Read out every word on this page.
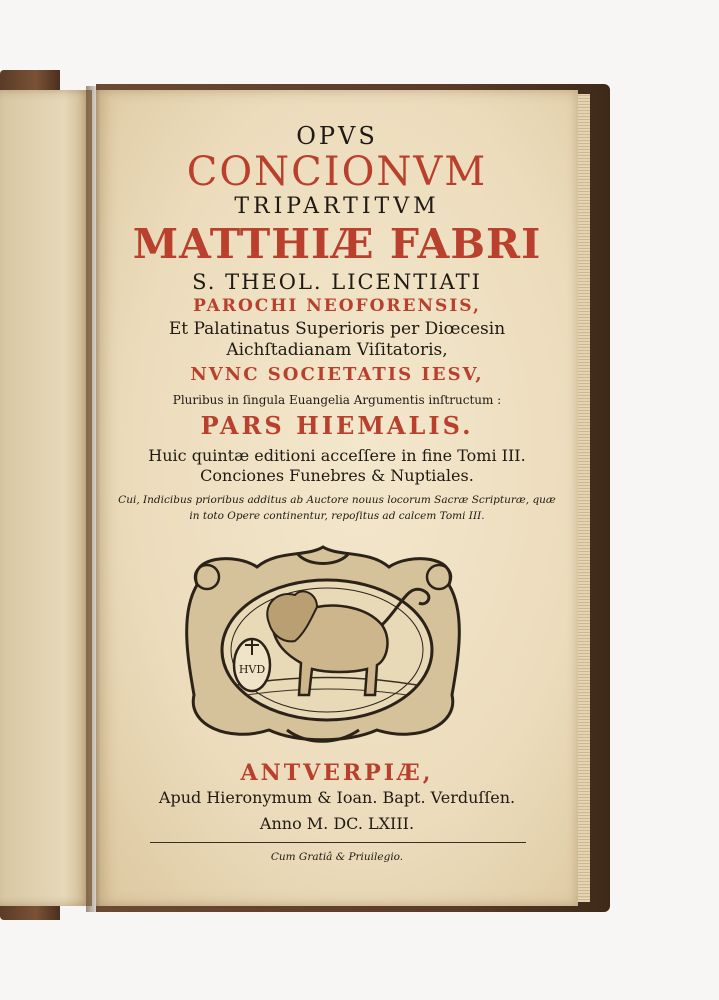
OPVS
CONCIONVM
TRIPARTITVM
MATTHIÆ FABRI
S. THEOL. LICENTIATI
PAROCHI NEOFORENSIS,
Et Palatinatus Superioris per Diœcesin
Aichſtadianam Viſitatoris,
NVNC SOCIETATIS IESV,
Pluribus in ſingula Euangelia Argumentis inſtructum :
PARS HIEMALIS.
Huic quintæ editioni acceſſere in fine Tomi III.
Conciones Funebres & Nuptiales.
Cui, Indicibus prioribus additus ab Auctore nouus locorum Sacræ Scripturæ, quæ
in toto Opere continentur, repoſitus ad calcem Tomi III.
ANTVERPIÆ,
Apud Hieronymum & Ioan. Bapt. Verduſſen.
Anno M. DC. LXIII.
Cum Gratiâ & Priuilegio.
HVD
